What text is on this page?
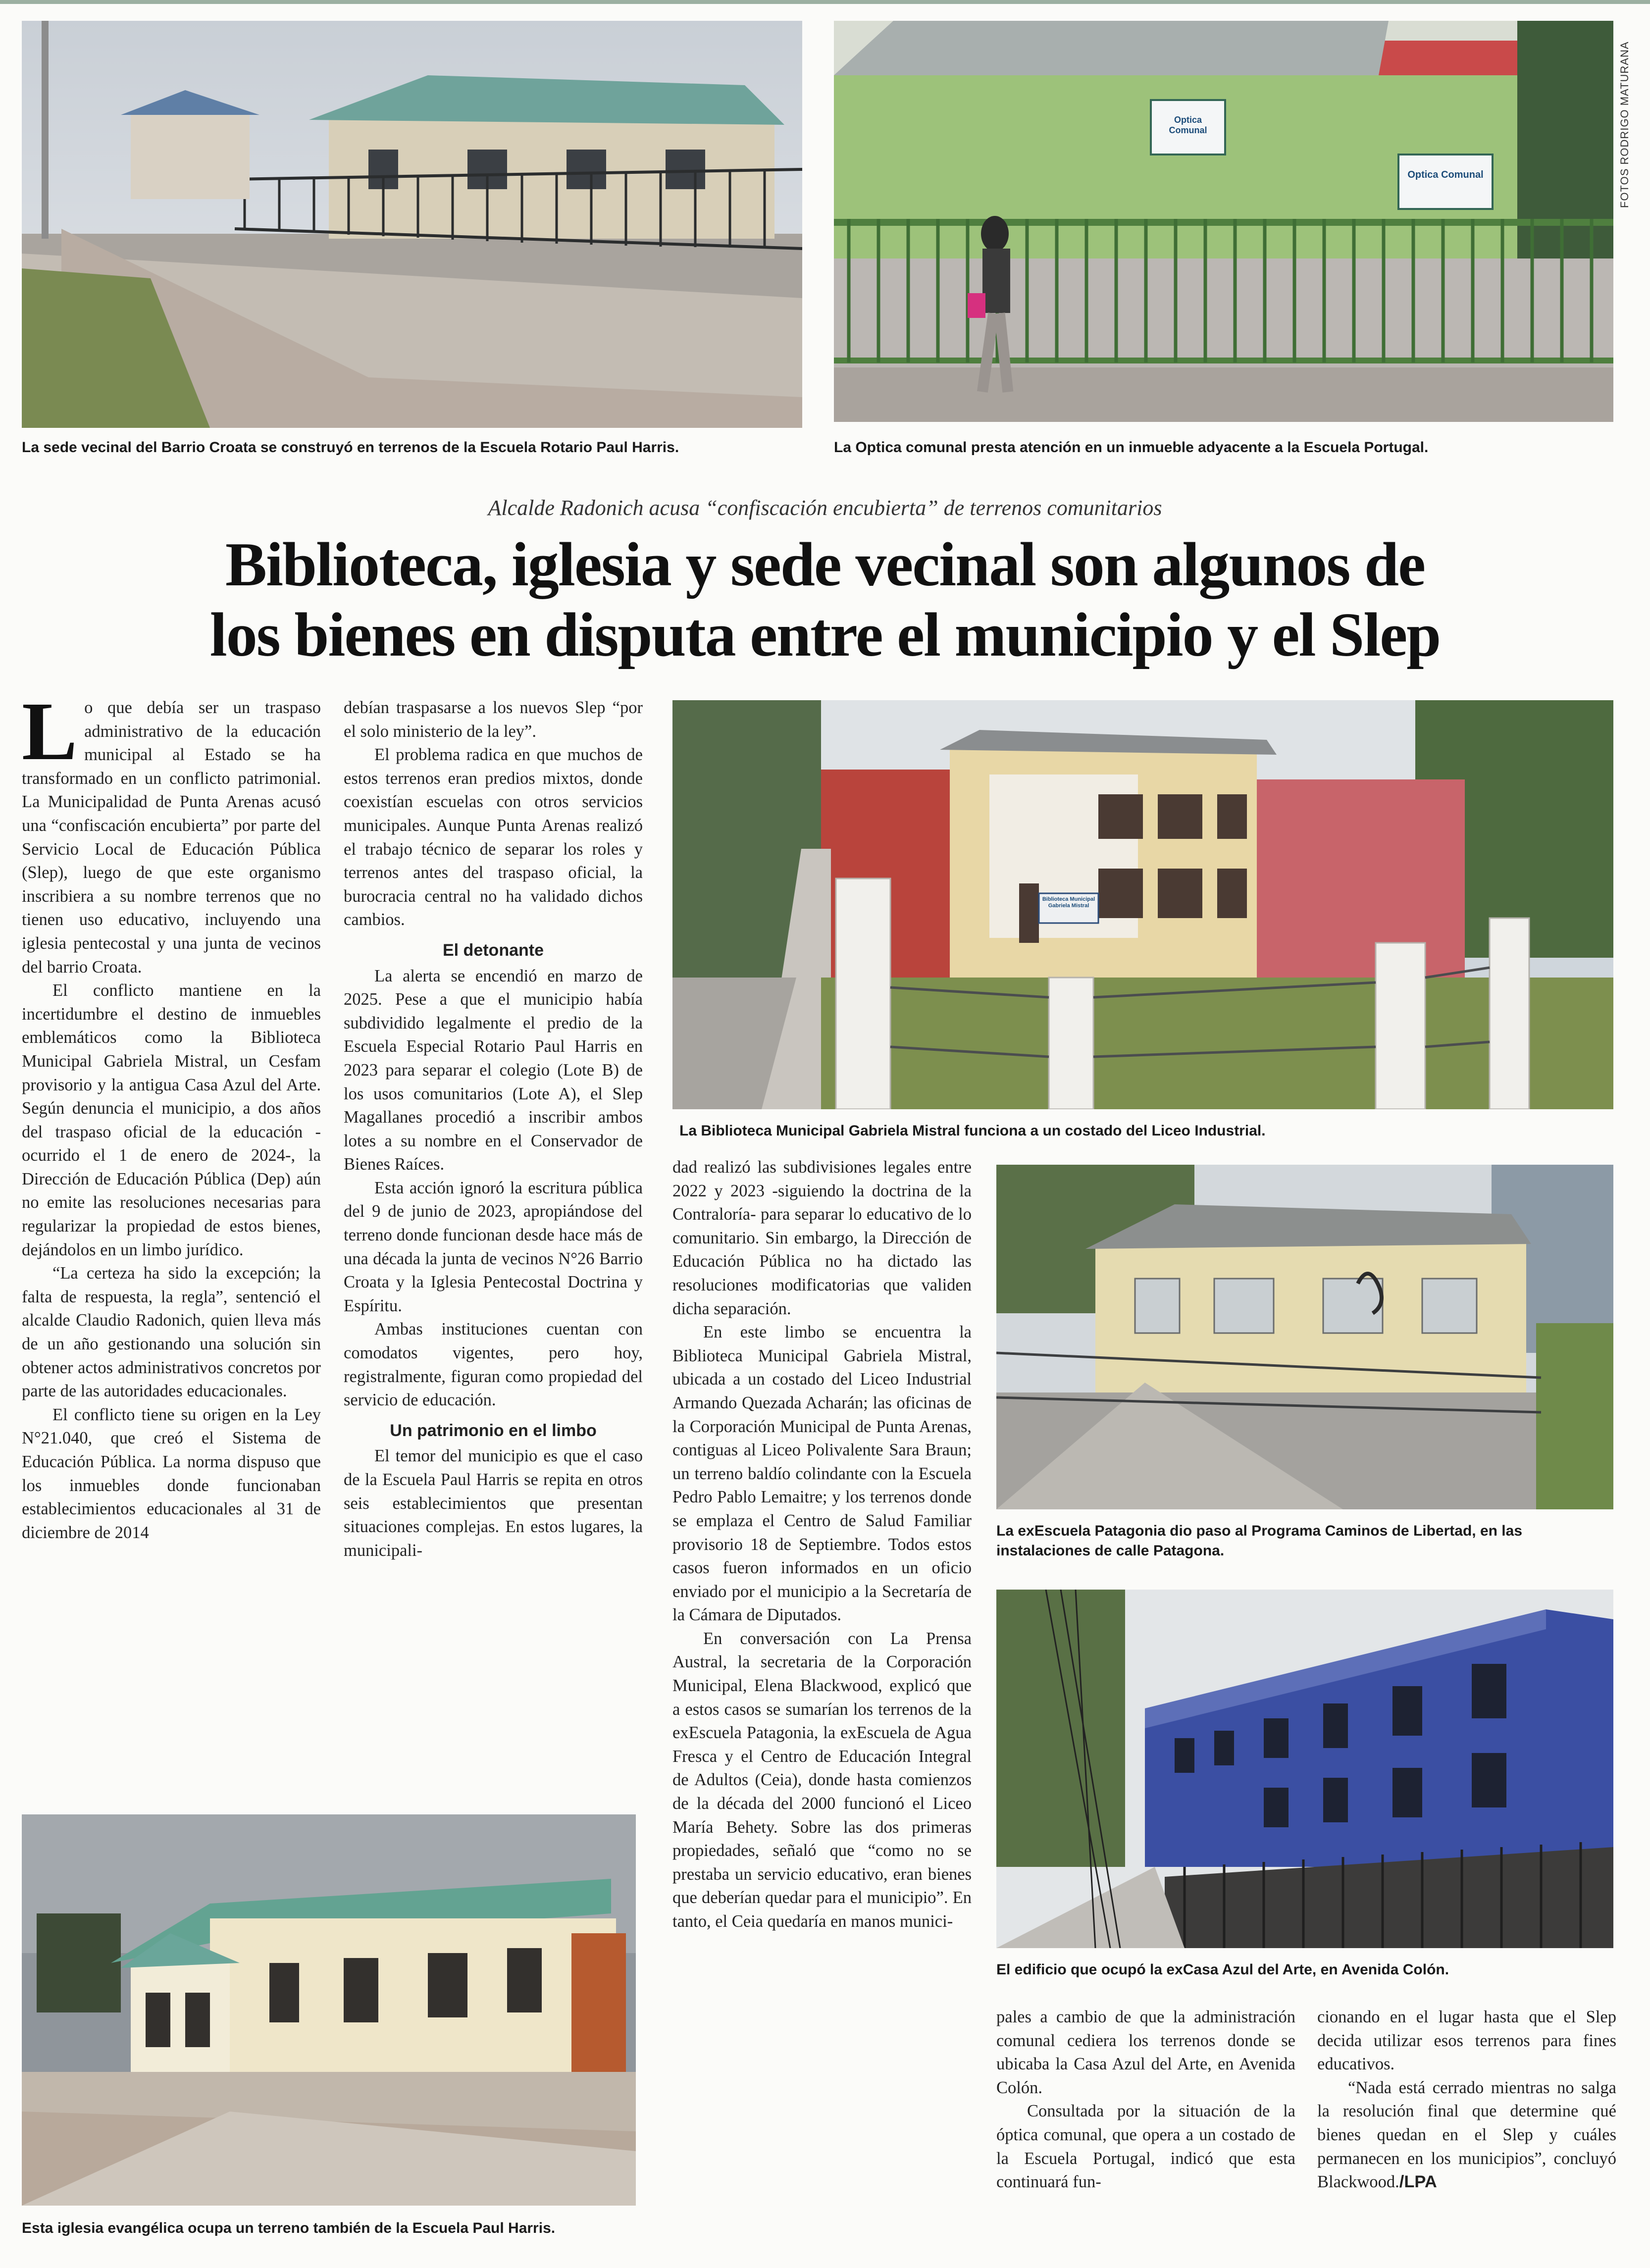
Optica Comunal
Optica Comunal	FOTOS RODRIGO MATURANA
La sede vecinal del Barrio Croata se construyó en terrenos de la Escuela Rotario Paul Harris.	La Optica comunal presta atención en un inmueble adyacente a la Escuela Portugal.
Alcalde Radonich acusa “confiscación encubierta” de terrenos comunitarios
Biblioteca, iglesia y sede vecinal son algunos de
los bienes en disputa entre el municipio y el Slep
L o que debía ser un traspaso administrativo de la educación municipal al Estado se ha transformado en un conflicto patrimonial. La Municipalidad de Punta Arenas acusó una “confiscación encubierta” por parte del Servicio Local de Educación Pública (Slep), luego de que este organismo inscribiera a su nombre terrenos que no tienen uso educativo, incluyendo una iglesia pentecostal y una junta de vecinos del barrio Croata.

El conflicto mantiene en la incertidumbre el destino de inmuebles emblemáticos como la Biblioteca Municipal Gabriela Mistral, un Cesfam provisorio y la antigua Casa Azul del Arte. Según denuncia el municipio, a dos años del traspaso oficial de la educación -ocurrido el 1 de enero de 2024-, la Dirección de Educación Pública (Dep) aún no emite las resoluciones necesarias para regularizar la propiedad de estos bienes, dejándolos en un limbo jurídico.

“La certeza ha sido la excepción; la falta de respuesta, la regla”, sentenció el alcalde Claudio Radonich, quien lleva más de un año gestionando una solución sin obtener actos administrativos concretos por parte de las autoridades educacionales.

El conflicto tiene su origen en la Ley N°21.040, que creó el Sistema de Educación Pública. La norma dispuso que los inmuebles donde funcionaban establecimientos educacionales al 31 de diciembre de 2014

debían traspasarse a los nuevos Slep “por el solo ministerio de la ley”.

El problema radica en que muchos de estos terrenos eran predios mixtos, donde coexistían escuelas con otros servicios municipales. Aunque Punta Arenas realizó el trabajo técnico de separar los roles y terrenos antes del traspaso oficial, la burocracia central no ha validado dichos cambios.

El detonante

La alerta se encendió en marzo de 2025. Pese a que el municipio había subdividido legalmente el predio de la Escuela Especial Rotario Paul Harris en 2023 para separar el colegio (Lote B) de los usos comunitarios (Lote A), el Slep Magallanes procedió a inscribir ambos lotes a su nombre en el Conservador de Bienes Raíces.

Esta acción ignoró la escritura pública del 9 de junio de 2023, apropiándose del terreno donde funcionan desde hace más de una década la junta de vecinos N°26 Barrio Croata y la Iglesia Pentecostal Doctrina y Espíritu.

Ambas instituciones cuentan con comodatos vigentes, pero hoy, registralmente, figuran como propiedad del servicio de educación.

Un patrimonio en el limbo

El temor del municipio es que el caso de la Escuela Paul Harris se repita en otros seis establecimientos que presentan situaciones complejas. En estos lugares, la municipali-

Biblioteca Municipal Gabriela Mistral
La Biblioteca Municipal Gabriela Mistral funciona a un costado del Liceo Industrial.

dad realizó las subdivisiones legales entre 2022 y 2023 -siguiendo la doctrina de la Contraloría- para separar lo educativo de lo comunitario. Sin embargo, la Dirección de Educación Pública no ha dictado las resoluciones modificatorias que validen dicha separación.

En este limbo se encuentra la Biblioteca Municipal Gabriela Mistral, ubicada a un costado del Liceo Industrial Armando Quezada Acharán; las oficinas de la Corporación Municipal de Punta Arenas, contiguas al Liceo Polivalente Sara Braun; un terreno baldío colindante con la Escuela Pedro Pablo Lemaitre; y los terrenos donde se emplaza el Centro de Salud Familiar provisorio 18 de Septiembre. Todos estos casos fueron informados en un oficio enviado por el municipio a la Secretaría de la Cámara de Diputados.

En conversación con La Prensa Austral, la secretaria de la Corporación Municipal, Elena Blackwood, explicó que a estos casos se sumarían los terrenos de la exEscuela Patagonia, la exEscuela de Agua Fresca y el Centro de Educación Integral de Adultos (Ceia), donde hasta comienzos de la década del 2000 funcionó el Liceo María Behety. Sobre las dos primeras propiedades, señaló que “como no se prestaba un servicio educativo, eran bienes que deberían quedar para el municipio”. En tanto, el Ceia quedaría en manos munici-

La exEscuela Patagonia dio paso al Programa Caminos de Libertad, en las instalaciones de calle Patagona.
El edificio que ocupó la exCasa Azul del Arte, en Avenida Colón.
Esta iglesia evangélica ocupa un terreno también de la Escuela Paul Harris.

pales a cambio de que la administración comunal cediera los terrenos donde se ubicaba la Casa Azul del Arte, en Avenida Colón.

Consultada por la situación de la óptica comunal, que opera a un costado de la Escuela Portugal, indicó que esta continuará fun-

cionando en el lugar hasta que el Slep decida utilizar esos terrenos para fines educativos.

“Nada está cerrado mientras no salga la resolución final que determine qué bienes quedan en el Slep y cuáles permanecen en los municipios”, concluyó Blackwood./LPA
